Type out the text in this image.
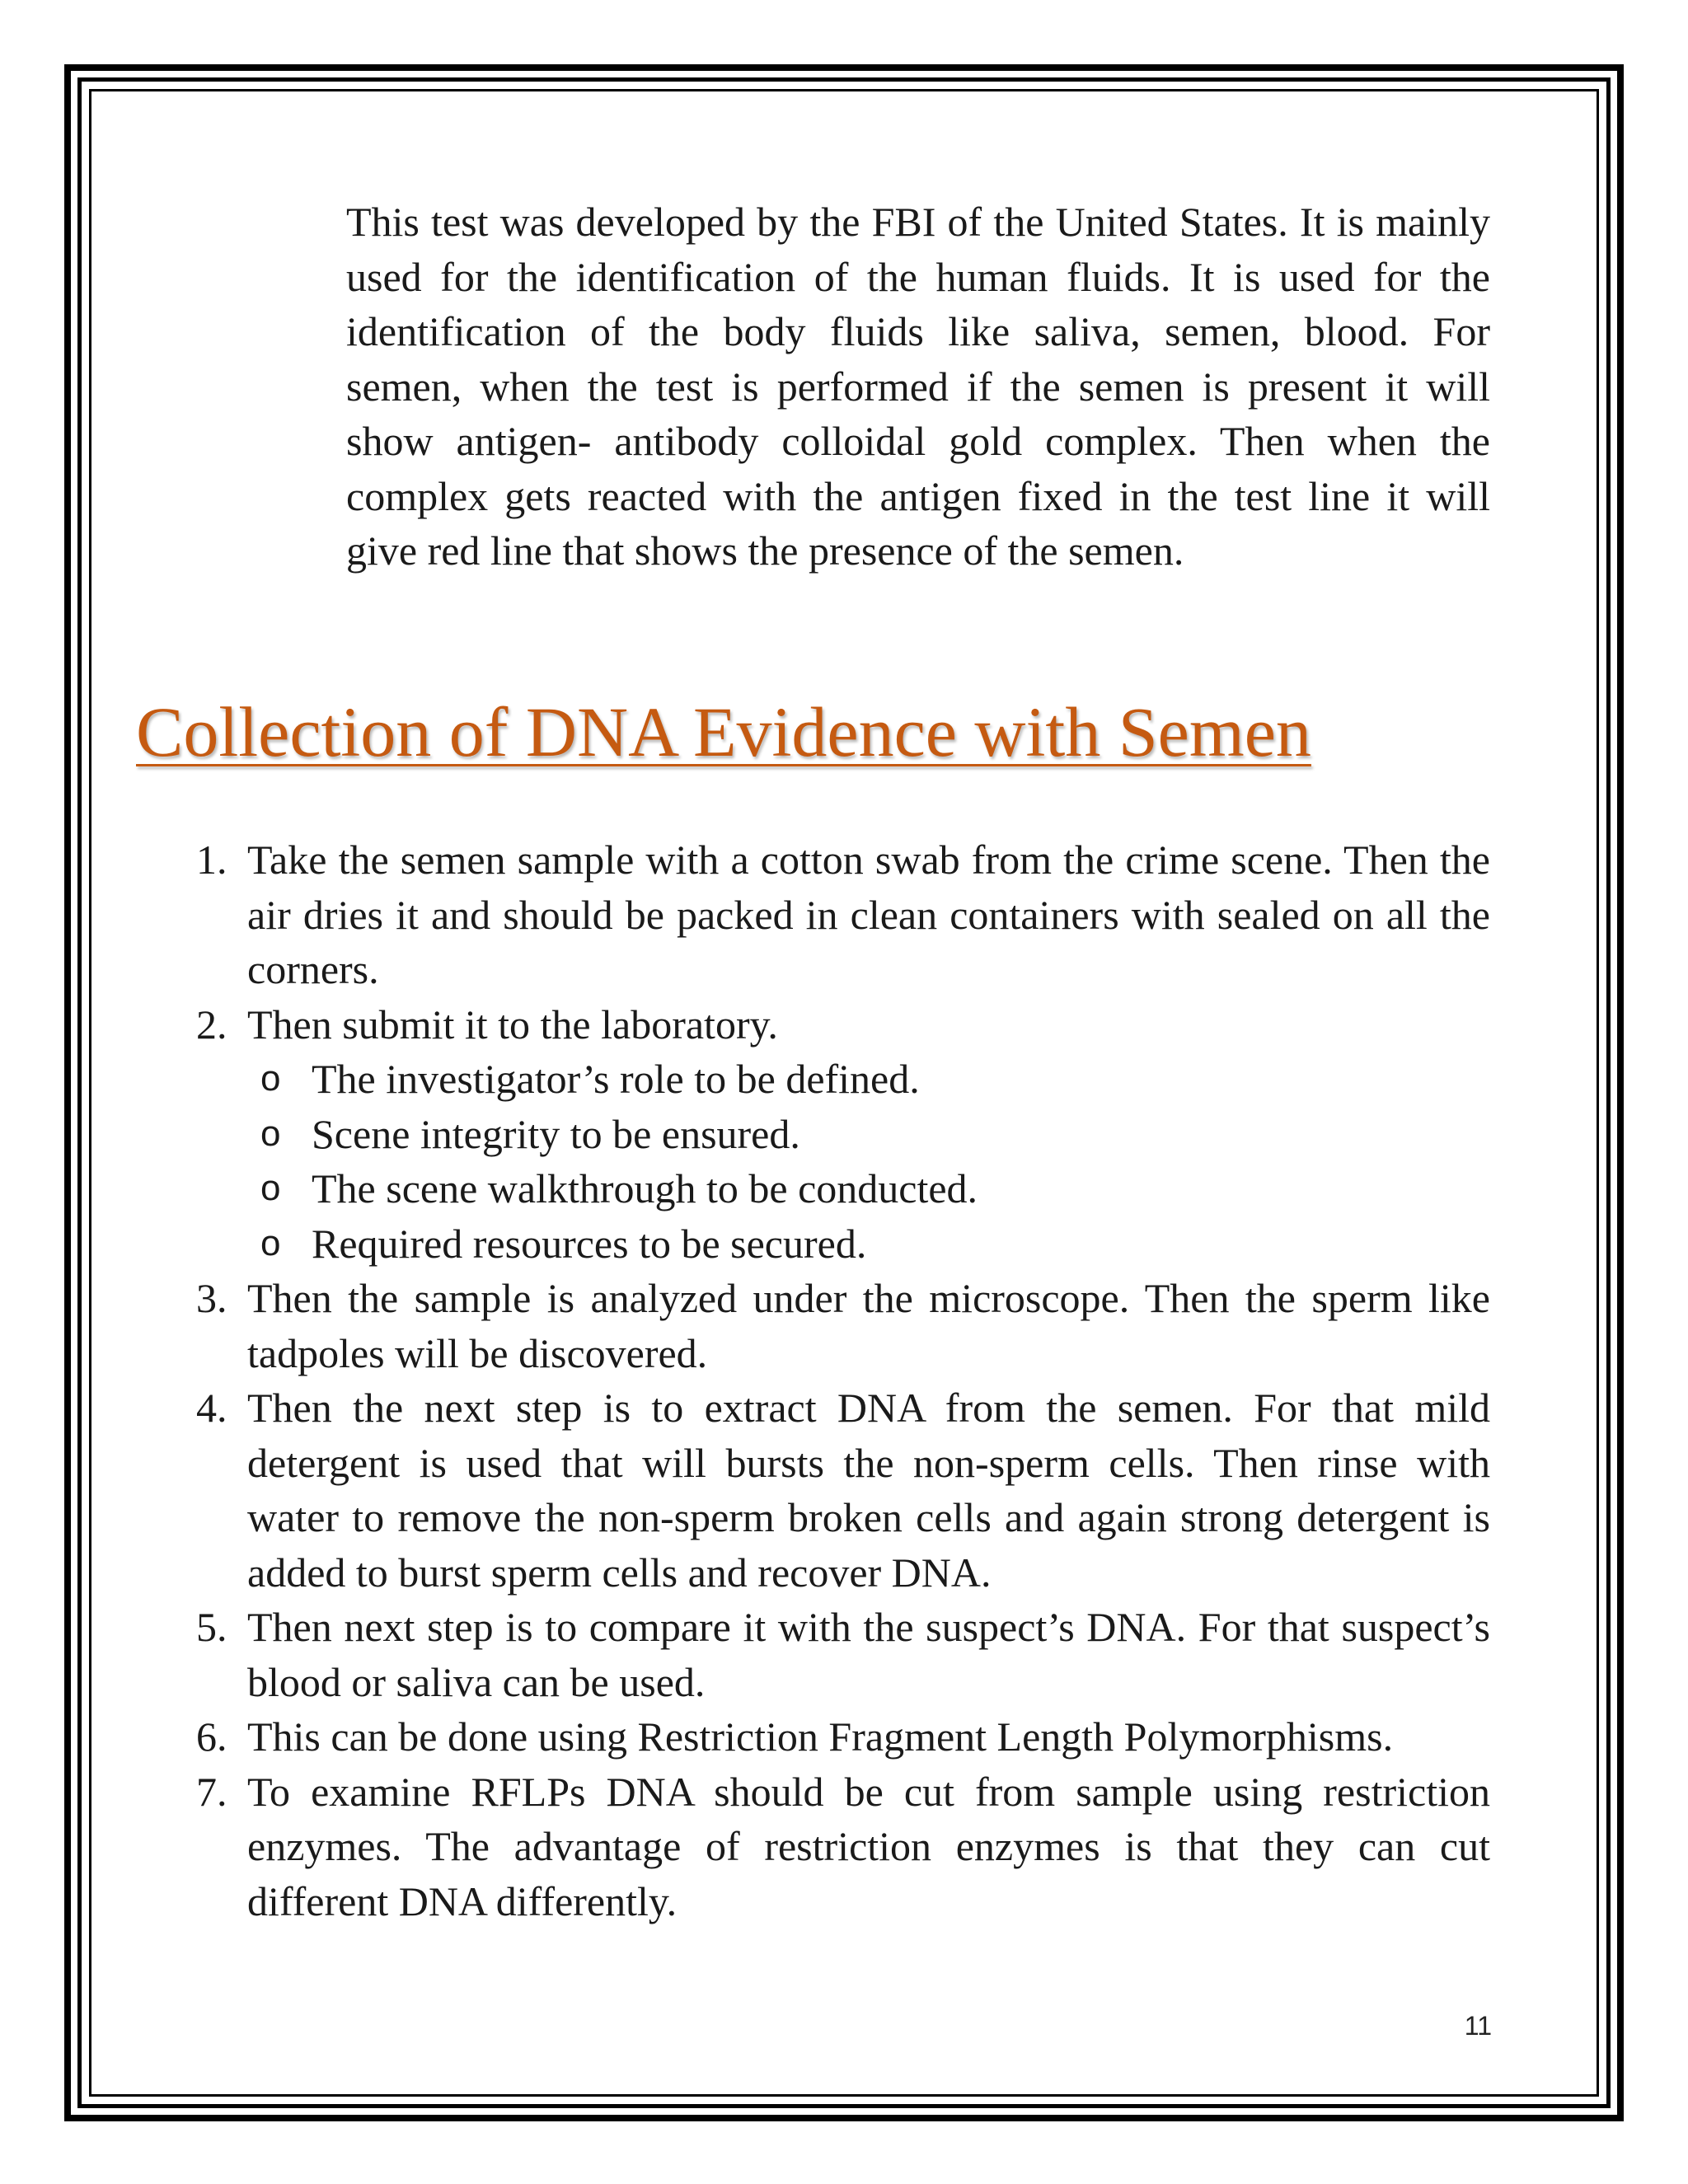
This test was developed by the FBI of the United States. It is mainly used for the identification of the human fluids. It is used for the identification of the body fluids like saliva, semen, blood. For semen, when the test is performed if the semen is present it will show antigen- antibody colloidal gold complex. Then when the complex gets reacted with the antigen fixed in the test line it will give red line that shows the presence of the semen.

Collection of DNA Evidence with Semen
1. Take the semen sample with a cotton swab from the crime scene. Then the air dries it and should be packed in clean containers with sealed on all the corners.
2. Then submit it to the laboratory.
o The investigator’s role to be defined.
o Scene integrity to be ensured.
o The scene walkthrough to be conducted.
o Required resources to be secured.
3. Then the sample is analyzed under the microscope. Then the sperm like tadpoles will be discovered.
4. Then the next step is to extract DNA from the semen. For that mild detergent is used that will bursts the non-sperm cells. Then rinse with water to remove the non-sperm broken cells and again strong detergent is added to burst sperm cells and recover DNA.
5. Then next step is to compare it with the suspect’s DNA. For that suspect’s blood or saliva can be used.
6. This can be done using Restriction Fragment Length Polymorphisms.
7. To examine RFLPs DNA should be cut from sample using restriction enzymes. The advantage of restriction enzymes is that they can cut different DNA differently.
11
